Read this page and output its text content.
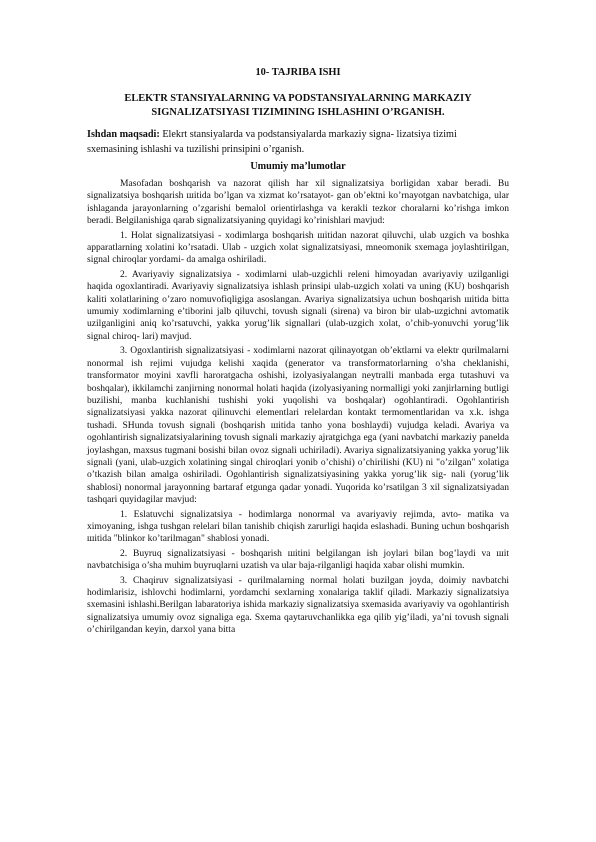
10- TAJRIBA ISHI
ELEKTR STANSIYALARNING VA PODSTANSIYALARNING MARKAZIY SIGNALIZATSIYASI TIZIMINING ISHLASHINI O’RGANISH.
Ishdan maqsadi: Elekrt stansiyalarda va podstansiyalarda markaziy signa- lizatsiya tizimi sxemasining ishlashi va tuzilishi prinsipini o’rganish.
Umumiy ma’lumotlar

Masofadan boshqarish va nazorat qilish har xil signalizatsiya borligidan xabar beradi. Bu signalizatsiya boshqarish шitida bo’lgan va xizmat ko’rsatayot- gan ob’ektni ko’rnayotgan navbatchiga, ular ishlaganda jarayonlarning o’zgarishi bemalol orientirlashga va kerakli tezkor choralarni ko’rishga imkon beradi. Belgilanishiga qarab signalizatsiyaning quyidagi ko’rinishlari mavjud:

1. Holat signalizatsiyasi - xodimlarga boshqarish шitidan nazorat qiluvchi, ulab uzgich va boshka apparatlarning xolatini ko’rsatadi. Ulab - uzgich xolat signalizatsiyasi, mneomonik sxemaga joylashtirilgan, signal chiroqlar yordami- da amalga oshiriladi.

2. Avariyaviy signalizatsiya - xodimlarni ulab-uzgichli releni himoyadan avariyaviy uzilganligi haqida ogoxlantiradi. Avariyaviy signalizatsiya ishlash prinsipi ulab-uzgich xolati va uning (KU) boshqarish kaliti xolatlarining o’zaro nomuvofiqligiga asoslangan. Avariya signalizatsiya uchun boshqarish шitida bitta umumiy xodimlarning e’tiborini jalb qiluvchi, tovush signali (sirena) va biron bir ulab-uzgichni avtomatik uzilganligini aniq ko’rsatuvchi, yakka yorug’lik signallari (ulab-uzgich xolat, o’chib-yonuvchi yorug’lik signal chiroq- lari) mavjud.

3. Ogoxlantirish signalizatsiyasi - xodimlarni nazorat qilinayotgan ob’ektlarni va elektr qurilmalarni nonormal ish rejimi vujudga kelishi xaqida (generator va transformatorlarning o’sha cheklanishi, transformator moyini xavfli haroratgacha oshishi, izolyasiyalangan neytralli manbada erga tutashuvi va boshqalar), ikkilamchi zanjirning nonormal holati haqida (izolyasiyaning normalligi yoki zanjirlarning butligi buzilishi, manba kuchlanishi tushishi yoki yuqolishi va boshqalar) ogohlantiradi. Ogohlantirish signalizatsiyasi yakka nazorat qilinuvchi elementlari relelardan kontakt termomentlaridan va x.k. ishga tushadi. SHunda tovush signali (boshqarish шitida tanho yona boshlaydi) vujudga keladi. Avariya va ogohlantirish signalizatsiyalarining tovush signali markaziy ajratgichga ega (yani navbatchi markaziy panelda joylashgan, maxsus tugmani bosishi bilan ovoz signali uchiriladi). Avariya signalizatsiyaning yakka yorug’lik signali (yani, ulab-uzgich xolatining singal chiroqlari yonib o’chishi) o’chirilishi (KU) ni "o’zilgan" xolatiga o’tkazish bilan amalga oshiriladi. Ogohlantirish signalizatsiyasining yakka yorug’lik sig- nali (yorug’lik shablosi) nonormal jarayonning bartaraf etgunga qadar yonadi. Yuqorida ko’rsatilgan 3 xil signalizatsiyadan tashqari quyidagilar mavjud:

1. Eslatuvchi signalizatsiya - hodimlarga nonormal va avariyaviy rejimda, avto- matika va ximoyaning, ishga tushgan relelari bilan tanishib chiqish zarurligi haqida eslashadi. Buning uchun boshqarish шitida "blinkor ko’tarilmagan" shablosi yonadi.

2. Buyruq signalizatsiyasi - boshqarish шitini belgilangan ish joylari bilan bog’laydi va шit navbatchisiga o’sha muhim buyruqlarni uzatish va ular baja-rilganligi haqida xabar olishi mumkin.

3. Chaqiruv signalizatsiyasi - qurilmalarning normal holati buzilgan joyda, doimiy navbatchi hodimlarisiz, ishlovchi hodimlarni, yordamchi sexlarning xonalariga taklif qiladi. Markaziy signalizatsiya sxemasini ishlashi.Berilgan labaratoriya ishida markaziy signalizatsiya sxemasida avariyaviy va ogohlantirish signalizatsiya umumiy ovoz signaliga ega. Sxema qaytaruvchanlikka ega qilib yig’iladi, ya’ni tovush signali o’chirilgandan keyin, darxol yana bitta
